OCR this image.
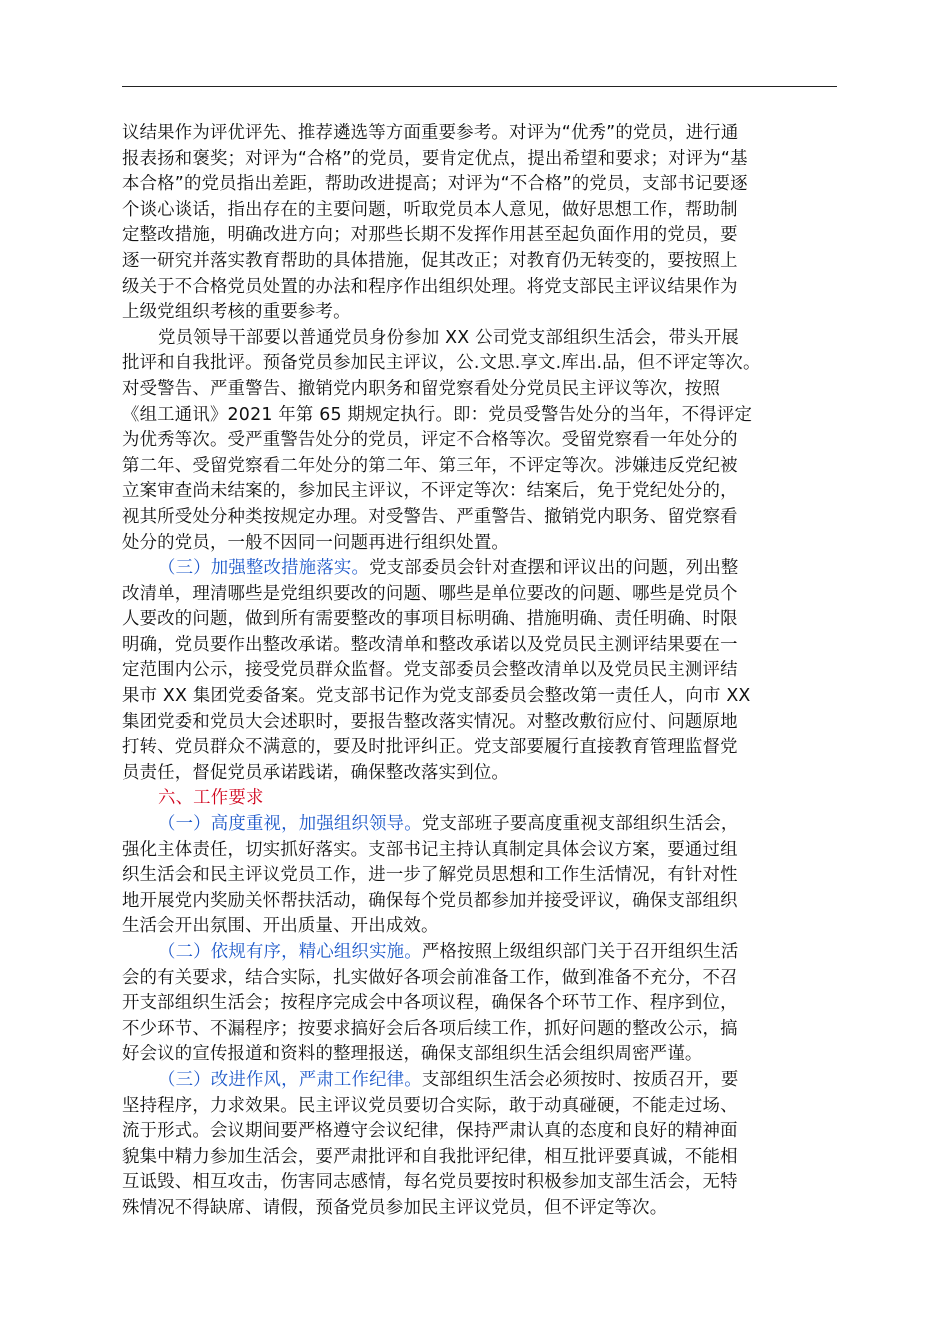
议结果作为评优评先、推荐遴选等方面重要参考。对评为“优秀”的党员，进行通
报表扬和褒奖；对评为“合格”的党员，要肯定优点，提出希望和要求；对评为“基
本合格”的党员指出差距，帮助改进提高；对评为“不合格”的党员，支部书记要逐
个谈心谈话，指出存在的主要问题，听取党员本人意见，做好思想工作，帮助制
定整改措施，明确改进方向；对那些长期不发挥作用甚至起负面作用的党员，要
逐一研究并落实教育帮助的具体措施，促其改正；对教育仍无转变的，要按照上
级关于不合格党员处置的办法和程序作出组织处理。将党支部民主评议结果作为
上级党组织考核的重要参考。
党员领导干部要以普通党员身份参加 XX 公司党支部组织生活会，带头开展
批评和自我批评。预备党员参加民主评议，公.文思.享文.库出.品，但不评定等次。
对受警告、严重警告、撤销党内职务和留党察看处分党员民主评议等次，按照
《组工通讯》2021 年第 65 期规定执行。即：党员受警告处分的当年，不得评定
为优秀等次。受严重警告处分的党员，评定不合格等次。受留党察看一年处分的
第二年、受留党察看二年处分的第二年、第三年，不评定等次。涉嫌违反党纪被
立案审查尚未结案的，参加民主评议，不评定等次：结案后，免于党纪处分的，
视其所受处分种类按规定办理。对受警告、严重警告、撤销党内职务、留党察看
处分的党员，一般不因同一问题再进行组织处置。
（三）加强整改措施落实。党支部委员会针对查摆和评议出的问题，列出整
改清单，理清哪些是党组织要改的问题、哪些是单位要改的问题、哪些是党员个
人要改的问题，做到所有需要整改的事项目标明确、措施明确、责任明确、时限
明确，党员要作出整改承诺。整改清单和整改承诺以及党员民主测评结果要在一
定范围内公示，接受党员群众监督。党支部委员会整改清单以及党员民主测评结
果市 XX 集团党委备案。党支部书记作为党支部委员会整改第一责任人，向市 XX
集团党委和党员大会述职时，要报告整改落实情况。对整改敷衍应付、问题原地
打转、党员群众不满意的，要及时批评纠正。党支部要履行直接教育管理监督党
员责任，督促党员承诺践诺，确保整改落实到位。
六、工作要求
（一）高度重视，加强组织领导。党支部班子要高度重视支部组织生活会，
强化主体责任，切实抓好落实。支部书记主持认真制定具体会议方案，要通过组
织生活会和民主评议党员工作，进一步了解党员思想和工作生活情况，有针对性
地开展党内奖励关怀帮扶活动，确保每个党员都参加并接受评议，确保支部组织
生活会开出氛围、开出质量、开出成效。
（二）依规有序，精心组织实施。严格按照上级组织部门关于召开组织生活
会的有关要求，结合实际，扎实做好各项会前准备工作，做到准备不充分，不召
开支部组织生活会；按程序完成会中各项议程，确保各个环节工作、程序到位，
不少环节、不漏程序；按要求搞好会后各项后续工作，抓好问题的整改公示，搞
好会议的宣传报道和资料的整理报送，确保支部组织生活会组织周密严谨。
（三）改进作风，严肃工作纪律。支部组织生活会必须按时、按质召开，要
坚持程序，力求效果。民主评议党员要切合实际，敢于动真碰硬，不能走过场、
流于形式。会议期间要严格遵守会议纪律，保持严肃认真的态度和良好的精神面
貌集中精力参加生活会，要严肃批评和自我批评纪律，相互批评要真诚，不能相
互诋毁、相互攻击，伤害同志感情，每名党员要按时积极参加支部生活会，无特
殊情况不得缺席、请假，预备党员参加民主评议党员，但不评定等次。
